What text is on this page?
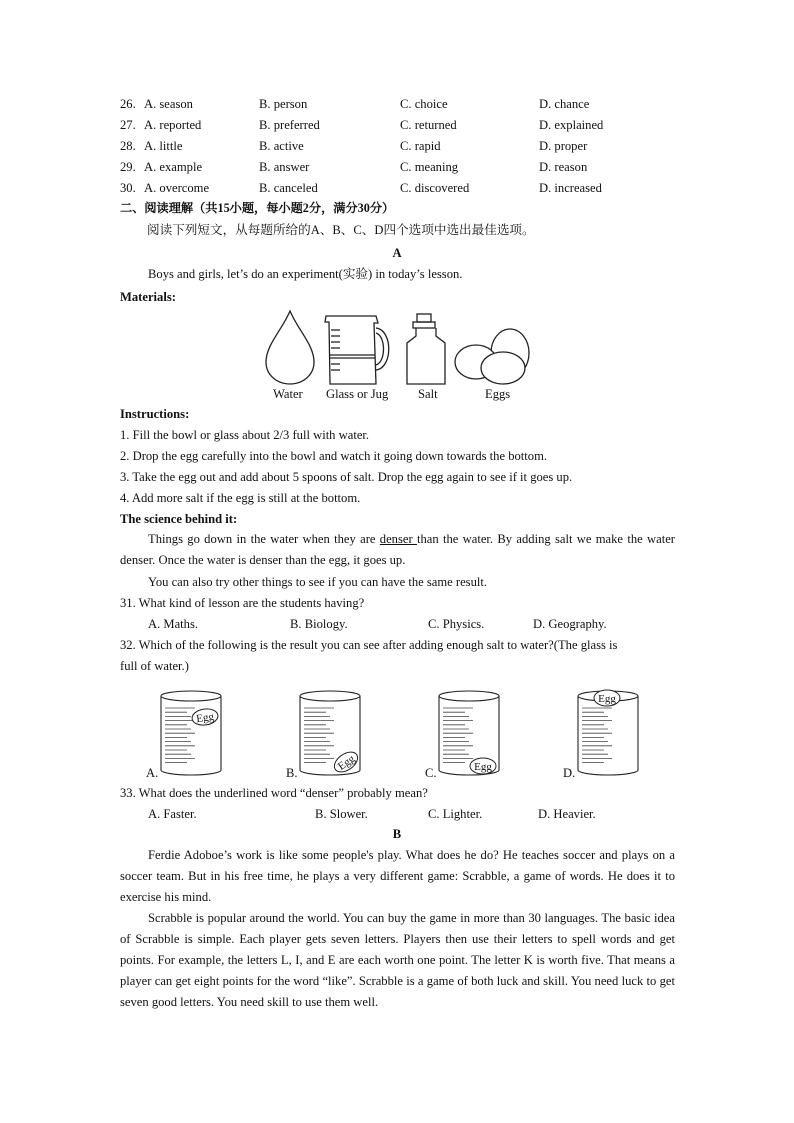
26. A. season	B. person	C. choice	D. chance
27. A. reported	B. preferred	C. returned	D. explained
28. A. little	B. active	C. rapid	D. proper
29. A. example	B. answer	C. meaning	D. reason
30. A. overcome	B. canceled	C. discovered	D. increased
二、阅读理解（共15小题，每小题2分，满分30分）
阅读下列短文，从每题所给的A、B、C、D四个选项中选出最佳选项。
A
Boys and girls, let’s do an experiment(实验) in today’s lesson.
Materials:
Water Glass or Jug Salt	Eggs
Instructions:
1. Fill the bowl or glass about 2/3 full with water.
2. Drop the egg carefully into the bowl and watch it going down towards the bottom.
3. Take the egg out and add about 5 spoons of salt. Drop the egg again to see if it goes up.
4. Add more salt if the egg is still at the bottom.
The science behind it:
Things go down in the water when they are denser than the water. By adding salt we make the water denser. Once the water is denser than the egg, it goes up.
You can also try other things to see if you can have the same result.
31. What kind of lesson are the students having?
A. Maths.	B. Biology.	C. Physics.	D. Geography.
32. Which of the following is the result you can see after adding enough salt to water?(The glass is
full of water.)
Egg
Egg	Egg
Egg
A.	B.	C.	D.
33. What does the underlined word “denser” probably mean?
A. Faster.	B. Slower.	C. Lighter.	D. Heavier.
B
Ferdie Adoboe’s work is like some people's play. What does he do? He teaches soccer and plays on a soccer team. But in his free time, he plays a very different game: Scrabble, a game of words. He does it to exercise his mind.
Scrabble is popular around the world. You can buy the game in more than 30 languages. The basic idea of Scrabble is simple. Each player gets seven letters. Players then use their letters to spell words and get points. For example, the letters L, I, and E are each worth one point. The letter K is worth five. That means a player can get eight points for the word “like”. Scrabble is a game of both luck and skill. You need luck to get seven good letters. You need skill to use them well.
